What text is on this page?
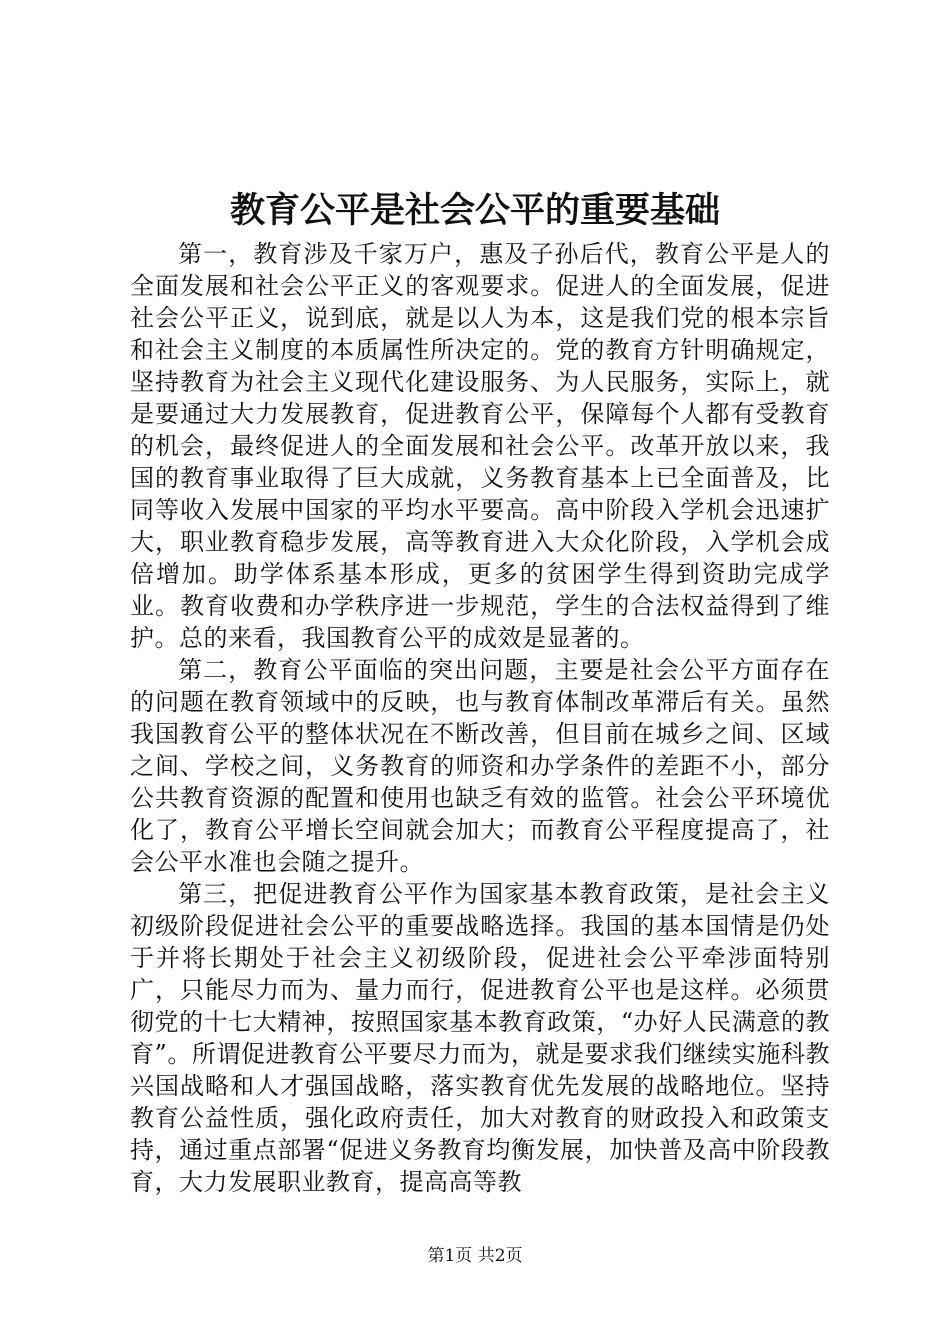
教育公平是社会公平的重要基础

第一，教育涉及千家万户，惠及子孙后代，教育公平是人的全面发展和社会公平正义的客观要求。促进人的全面发展，促进社会公平正义，说到底，就是以人为本，这是我们党的根本宗旨和社会主义制度的本质属性所决定的。党的教育方针明确规定，坚持教育为社会主义现代化建设服务、为人民服务，实际上，就是要通过大力发展教育，促进教育公平，保障每个人都有受教育的机会，最终促进人的全面发展和社会公平。改革开放以来，我国的教育事业取得了巨大成就，义务教育基本上已全面普及，比同等收入发展中国家的平均水平要高。高中阶段入学机会迅速扩大，职业教育稳步发展，高等教育进入大众化阶段，入学机会成倍增加。助学体系基本形成，更多的贫困学生得到资助完成学业。教育收费和办学秩序进一步规范，学生的合法权益得到了维护。总的来看，我国教育公平的成效是显著的。

第二，教育公平面临的突出问题，主要是社会公平方面存在的问题在教育领域中的反映，也与教育体制改革滞后有关。虽然我国教育公平的整体状况在不断改善，但目前在城乡之间、区域之间、学校之间，义务教育的师资和办学条件的差距不小，部分公共教育资源的配置和使用也缺乏有效的监管。社会公平环境优化了，教育公平增长空间就会加大；而教育公平程度提高了，社会公平水准也会随之提升。

第三，把促进教育公平作为国家基本教育政策，是社会主义初级阶段促进社会公平的重要战略选择。我国的基本国情是仍处于并将长期处于社会主义初级阶段，促进社会公平牵涉面特别广，只能尽力而为、量力而行，促进教育公平也是这样。必须贯彻党的十七大精神，按照国家基本教育政策，“办好人民满意的教育”。所谓促进教育公平要尽力而为，就是要求我们继续实施科教兴国战略和人才强国战略，落实教育优先发展的战略地位。坚持教育公益性质，强化政府责任，加大对教育的财政投入和政策支持，通过重点部署“促进义务教育均衡发展，加快普及高中阶段教育，大力发展职业教育，提高高等教

第1页 共2页
